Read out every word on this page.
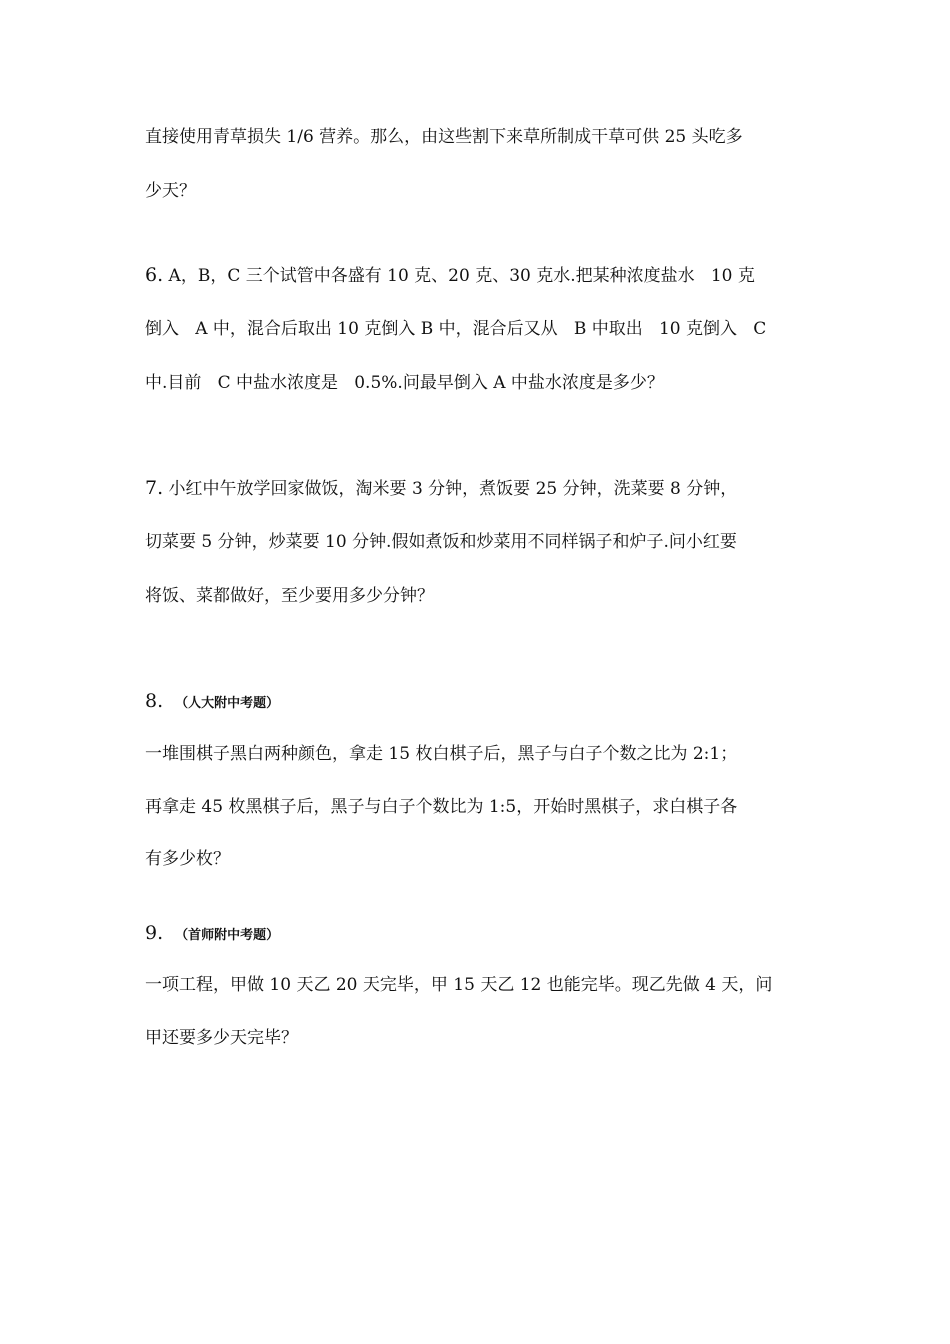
直接使用青草损失 1/6 营养。那么，由这些割下来草所制成干草可供 25 头吃多
少天？
6. A，B，C 三个试管中各盛有 10 克、20 克、30 克水.把某种浓度盐水   10 克
倒入   A 中，混合后取出 10 克倒入 B 中，混合后又从   B 中取出   10 克倒入   C
中.目前   C 中盐水浓度是   0.5%.问最早倒入 A 中盐水浓度是多少？
7. 小红中午放学回家做饭，淘米要 3 分钟，煮饭要 25 分钟，洗菜要 8 分钟，
切菜要 5 分钟，炒菜要 10 分钟.假如煮饭和炒菜用不同样锅子和炉子.问小红要
将饭、菜都做好，至少要用多少分钟？
8. （人大附中考题）
一堆围棋子黑白两种颜色，拿走 15 枚白棋子后，黑子与白子个数之比为 2:1；
再拿走 45 枚黑棋子后，黑子与白子个数比为 1:5，开始时黑棋子，求白棋子各
有多少枚？
9. （首师附中考题）
一项工程，甲做 10 天乙 20 天完毕，甲 15 天乙 12 也能完毕。现乙先做 4 天，问
甲还要多少天完毕？
